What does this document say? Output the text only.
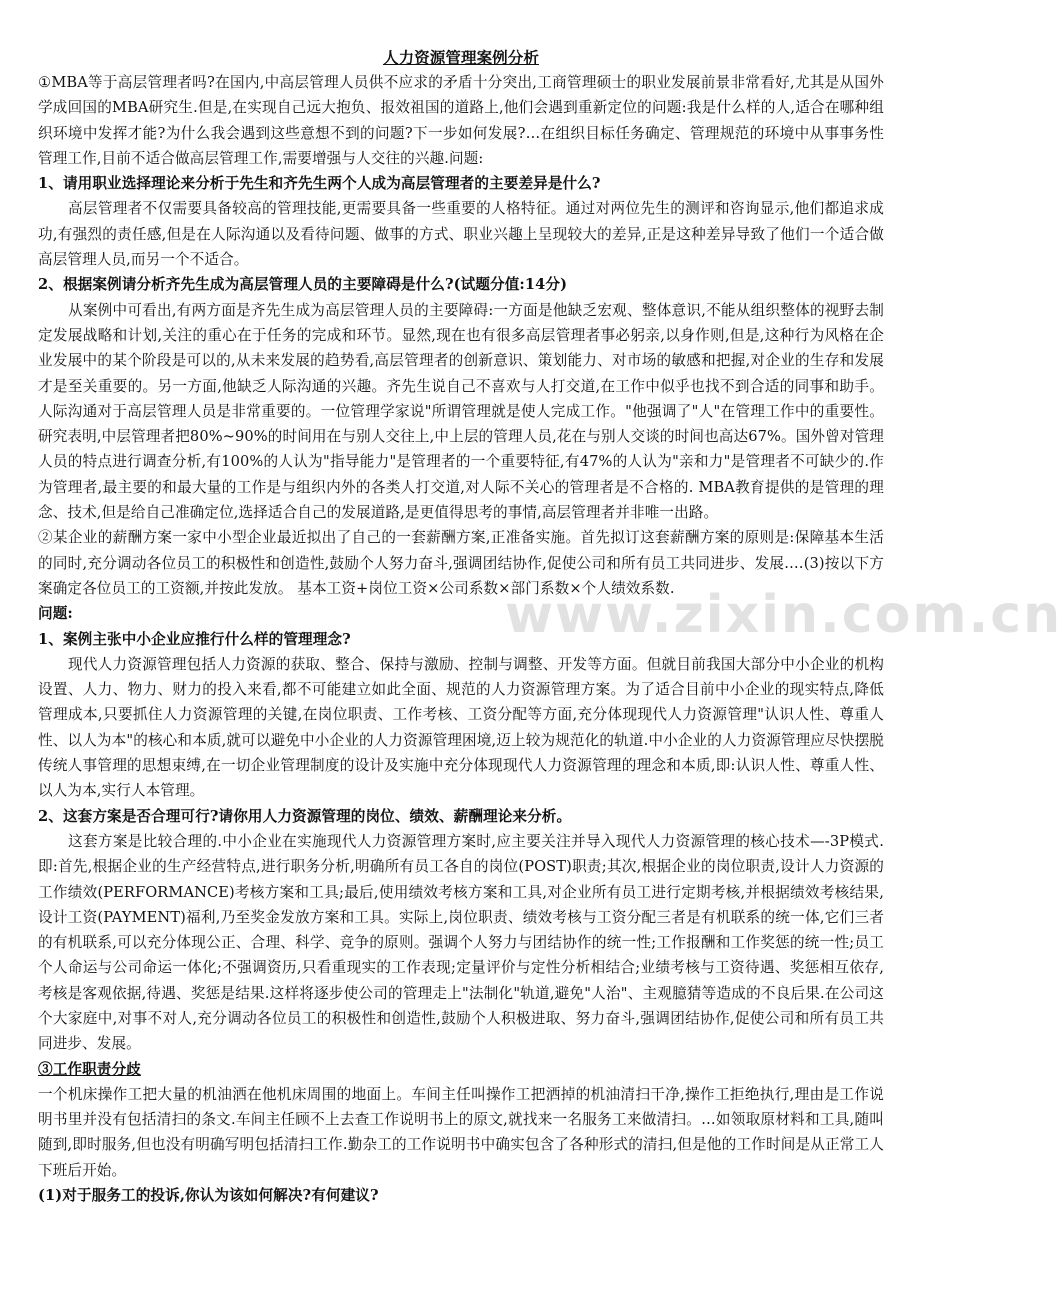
www.zixin.com.cn

人力资源管理案例分析

①MBA等于高层管理者吗?在国内,中高层管理人员供不应求的矛盾十分突出,工商管理硕士的职业发展前景非常看好,尤其是从国外学成回国的MBA研究生.但是,在实现自己远大抱负、报效祖国的道路上,他们会遇到重新定位的问题:我是什么样的人,适合在哪种组织环境中发挥才能?为什么我会遇到这些意想不到的问题?下一步如何发展?…在组织目标任务确定、管理规范的环境中从事事务性管理工作,目前不适合做高层管理工作,需要增强与人交往的兴趣.问题:

1、请用职业选择理论来分析于先生和齐先生两个人成为高层管理者的主要差异是什么?

高层管理者不仅需要具备较高的管理技能,更需要具备一些重要的人格特征。通过对两位先生的测评和咨询显示,他们都追求成功,有强烈的责任感,但是在人际沟通以及看待问题、做事的方式、职业兴趣上呈现较大的差异,正是这种差异导致了他们一个适合做高层管理人员,而另一个不适合。

2、根据案例请分析齐先生成为高层管理人员的主要障碍是什么?(试题分值:14分)

从案例中可看出,有两方面是齐先生成为高层管理人员的主要障碍:一方面是他缺乏宏观、整体意识,不能从组织整体的视野去制定发展战略和计划,关注的重心在于任务的完成和环节。显然,现在也有很多高层管理者事必躬亲,以身作则,但是,这种行为风格在企业发展中的某个阶段是可以的,从未来发展的趋势看,高层管理者的创新意识、策划能力、对市场的敏感和把握,对企业的生存和发展才是至关重要的。另一方面,他缺乏人际沟通的兴趣。齐先生说自己不喜欢与人打交道,在工作中似乎也找不到合适的同事和助手。人际沟通对于高层管理人员是非常重要的。一位管理学家说"所谓管理就是使人完成工作。"他强调了"人"在管理工作中的重要性。研究表明,中层管理者把80%~90%的时间用在与别人交往上,中上层的管理人员,花在与别人交谈的时间也高达67%。国外曾对管理人员的特点进行调查分析,有100%的人认为"指导能力"是管理者的一个重要特征,有47%的人认为"亲和力"是管理者不可缺少的.作为管理者,最主要的和最大量的工作是与组织内外的各类人打交道,对人际不关心的管理者是不合格的. MBA教育提供的是管理的理念、技术,但是给自己准确定位,选择适合自己的发展道路,是更值得思考的事情,高层管理者并非唯一出路。

②某企业的薪酬方案一家中小型企业最近拟出了自己的一套薪酬方案,正准备实施。首先拟订这套薪酬方案的原则是:保障基本生活的同时,充分调动各位员工的积极性和创造性,鼓励个人努力奋斗,强调团结协作,促使公司和所有员工共同进步、发展.…(3)按以下方案确定各位员工的工资额,并按此发放。 基本工资+岗位工资×公司系数×部门系数×个人绩效系数.

问题:

1、案例主张中小企业应推行什么样的管理理念?

现代人力资源管理包括人力资源的获取、整合、保持与激励、控制与调整、开发等方面。但就目前我国大部分中小企业的机构设置、人力、物力、财力的投入来看,都不可能建立如此全面、规范的人力资源管理方案。为了适合目前中小企业的现实特点,降低管理成本,只要抓住人力资源管理的关键,在岗位职责、工作考核、工资分配等方面,充分体现现代人力资源管理"认识人性、尊重人性、以人为本"的核心和本质,就可以避免中小企业的人力资源管理困境,迈上较为规范化的轨道.中小企业的人力资源管理应尽快摆脱传统人事管理的思想束缚,在一切企业管理制度的设计及实施中充分体现现代人力资源管理的理念和本质,即:认识人性、尊重人性、以人为本,实行人本管理。

2、这套方案是否合理可行?请你用人力资源管理的岗位、绩效、薪酬理论来分析。

这套方案是比较合理的.中小企业在实施现代人力资源管理方案时,应主要关注并导入现代人力资源管理的核心技术—-3P模式.即:首先,根据企业的生产经营特点,进行职务分析,明确所有员工各自的岗位(POST)职责;其次,根据企业的岗位职责,设计人力资源的工作绩效(PERFORMANCE)考核方案和工具;最后,使用绩效考核方案和工具,对企业所有员工进行定期考核,并根据绩效考核结果,设计工资(PAYMENT)福利,乃至奖金发放方案和工具。实际上,岗位职责、绩效考核与工资分配三者是有机联系的统一体,它们三者的有机联系,可以充分体现公正、合理、科学、竞争的原则。强调个人努力与团结协作的统一性;工作报酬和工作奖惩的统一性;员工个人命运与公司命运一体化;不强调资历,只看重现实的工作表现;定量评价与定性分析相结合;业绩考核与工资待遇、奖惩相互依存,考核是客观依据,待遇、奖惩是结果.这样将逐步使公司的管理走上"法制化"轨道,避免"人治"、主观臆猜等造成的不良后果.在公司这个大家庭中,对事不对人,充分调动各位员工的积极性和创造性,鼓励个人积极进取、努力奋斗,强调团结协作,促使公司和所有员工共同进步、发展。

③工作职责分歧

一个机床操作工把大量的机油洒在他机床周围的地面上。车间主任叫操作工把洒掉的机油清扫干净,操作工拒绝执行,理由是工作说明书里并没有包括清扫的条文.车间主任顾不上去查工作说明书上的原文,就找来一名服务工来做清扫。…如领取原材料和工具,随叫随到,即时服务,但也没有明确写明包括清扫工作.勤杂工的工作说明书中确实包含了各种形式的清扫,但是他的工作时间是从正常工人下班后开始。

(1)对于服务工的投诉,你认为该如何解决?有何建议?
